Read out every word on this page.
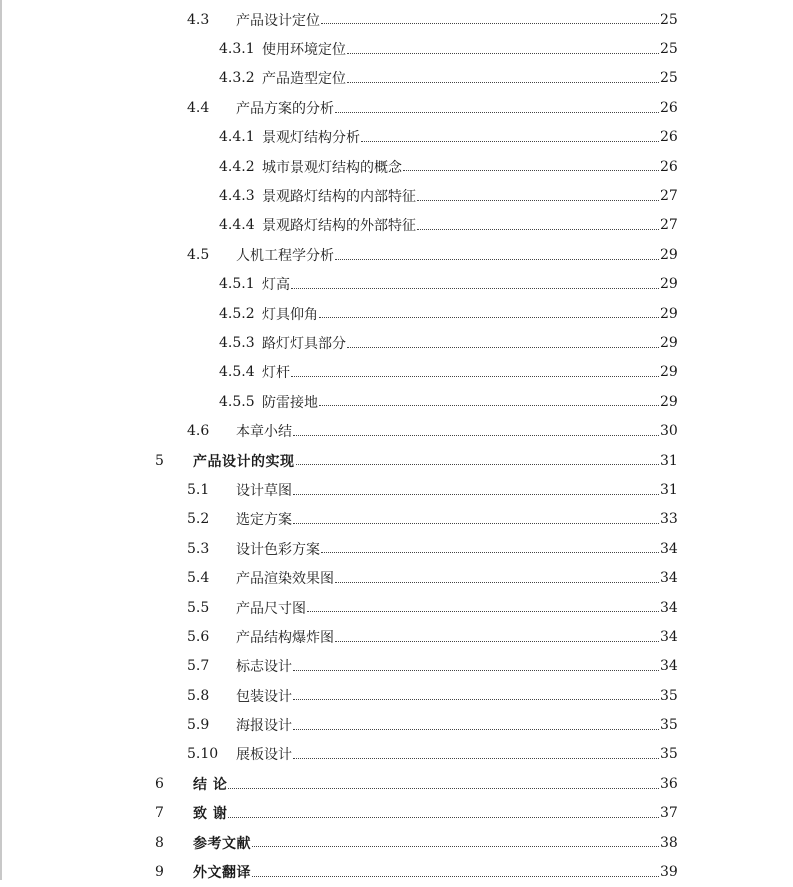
4.3 产品设计定位	25
4.3.1 使用环境定位	25
4.3.2 产品造型定位	25
4.4 产品方案的分析	26
4.4.1 景观灯结构分析	26
4.4.2 城市景观灯结构的概念	26
4.4.3 景观路灯结构的内部特征	27
4.4.4 景观路灯结构的外部特征	27
4.5 人机工程学分析	29
4.5.1 灯高	29
4.5.2 灯具仰角	29
4.5.3 路灯灯具部分	29
4.5.4 灯杆	29
4.5.5 防雷接地	29
4.6 本章小结	30
5 产品设计的实现	31
5.1 设计草图	31
5.2 选定方案	33
5.3 设计色彩方案	34
5.4 产品渲染效果图	34
5.5 产品尺寸图	34
5.6 产品结构爆炸图	34
5.7 标志设计	34
5.8 包装设计	35
5.9 海报设计	35
5.10 展板设计	35
6 结 论	36
7 致 谢	37
8 参考文献	38
9 外文翻译	39
